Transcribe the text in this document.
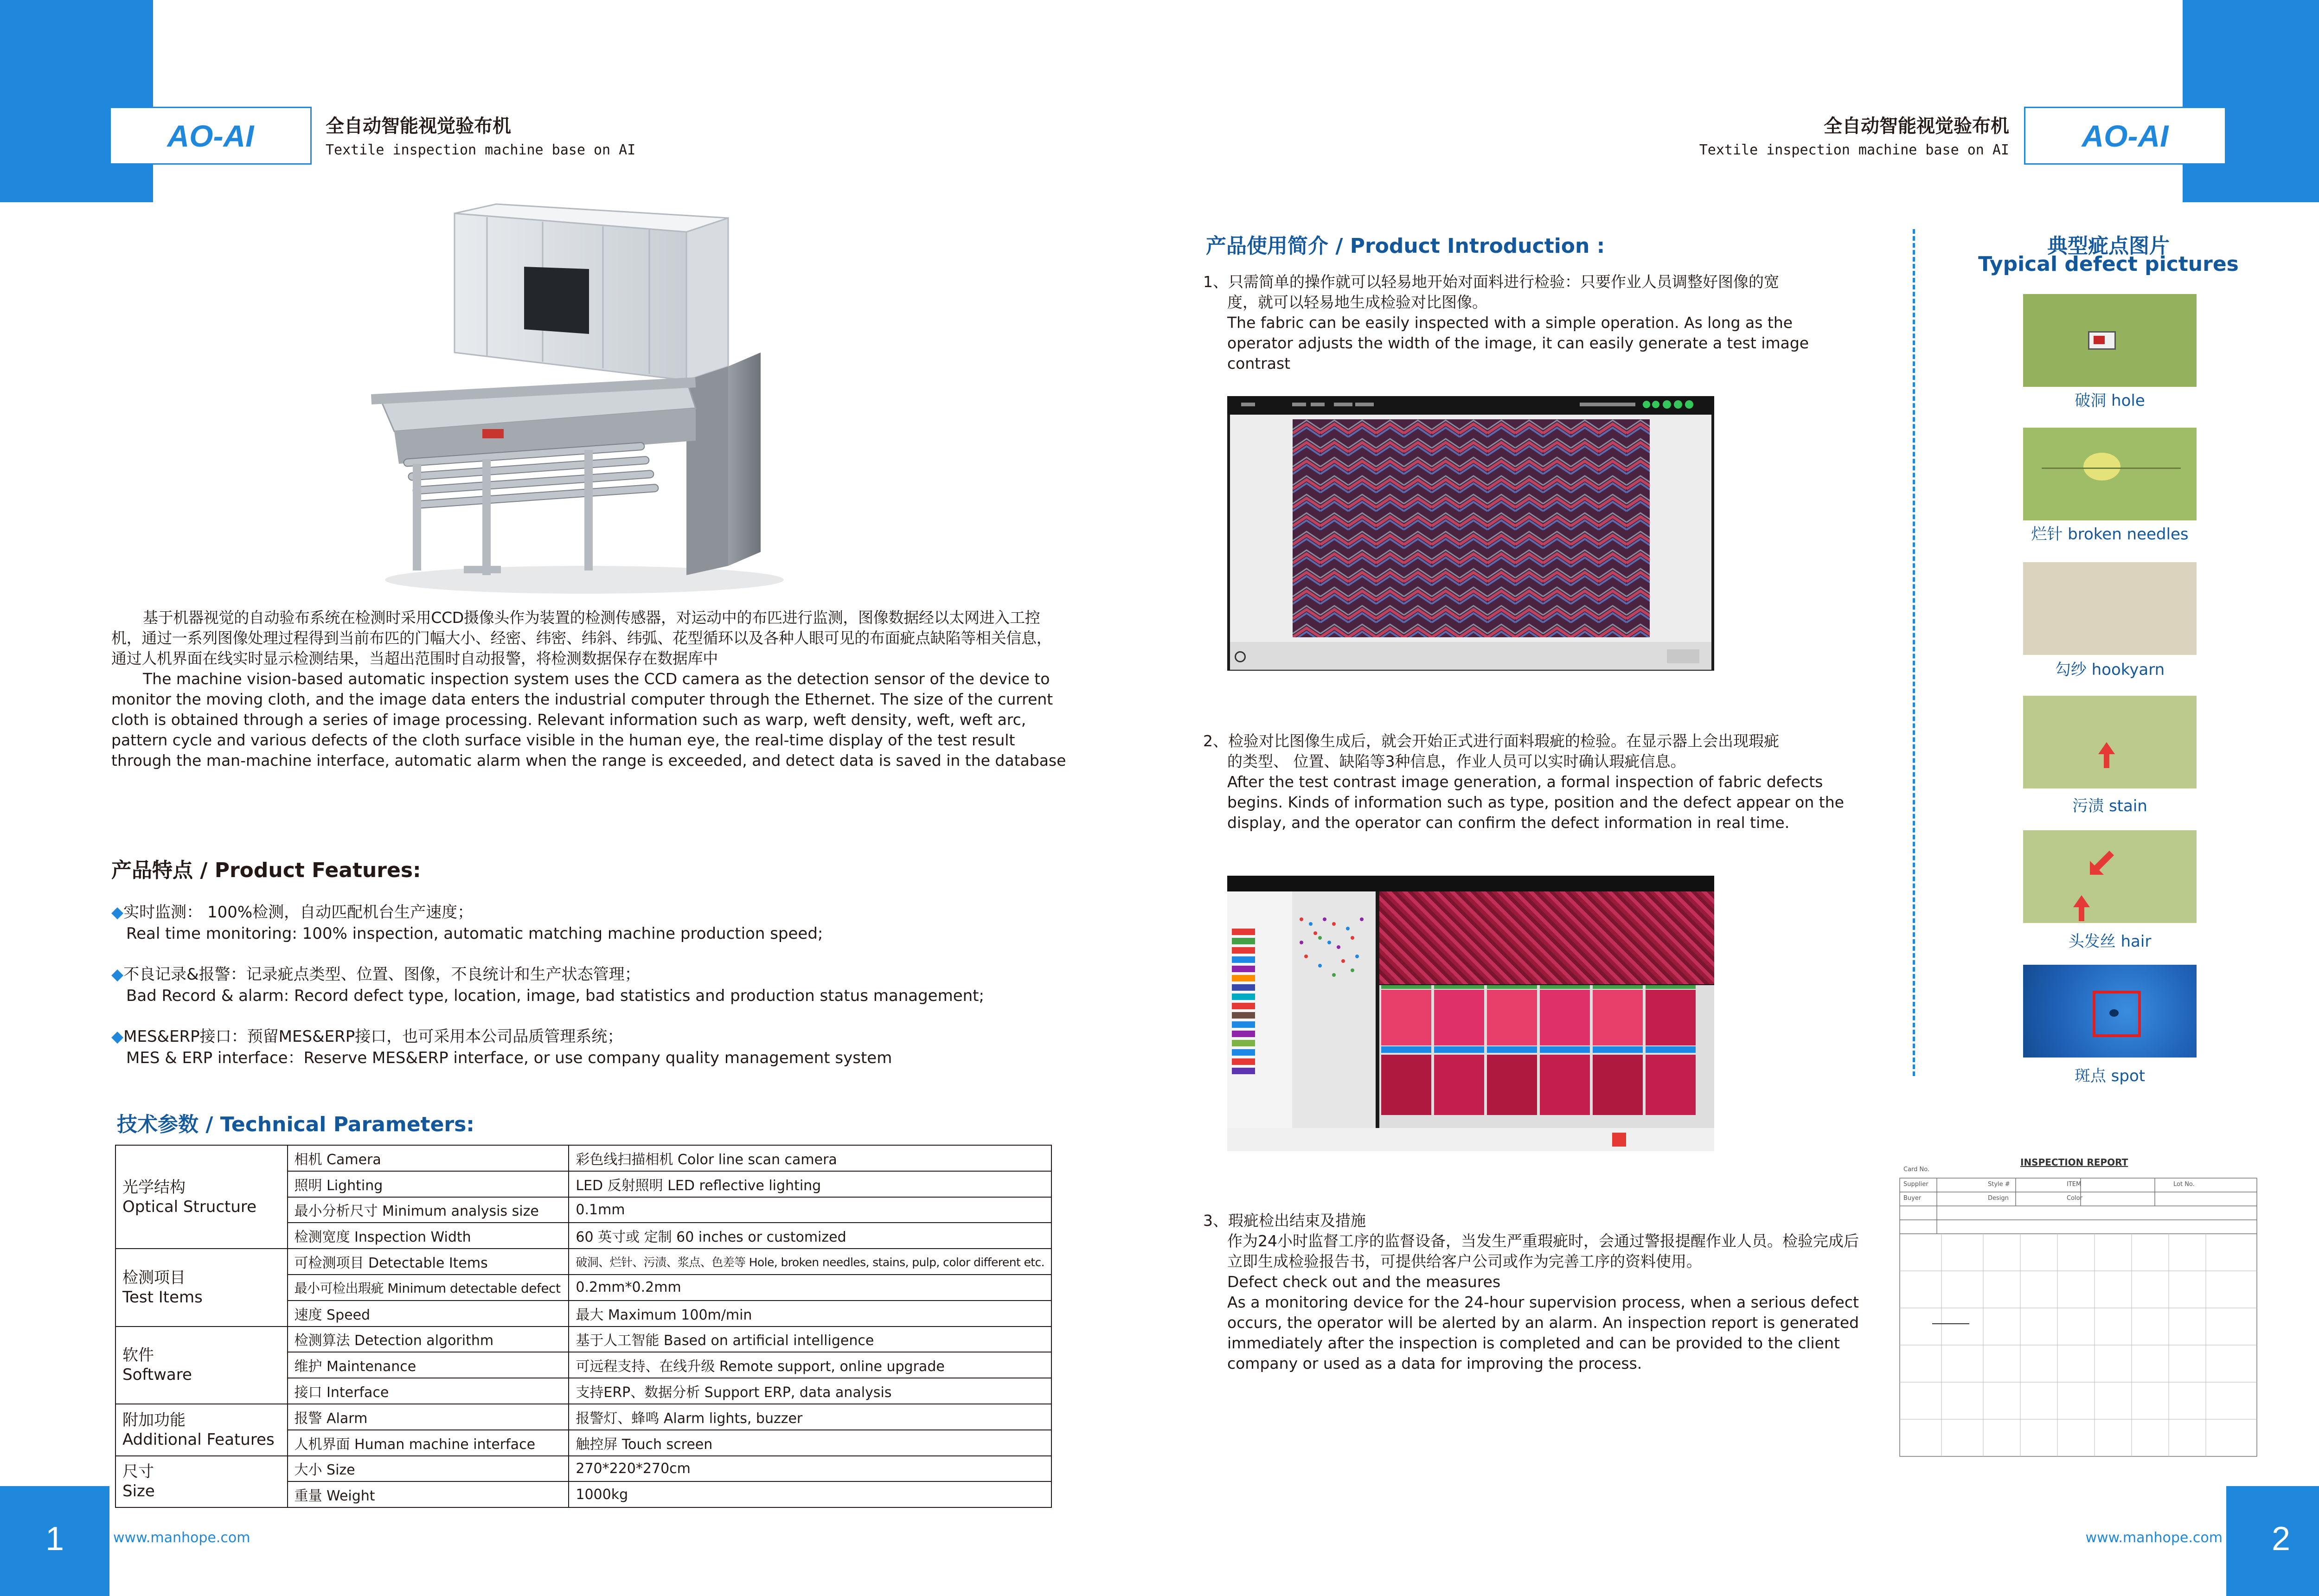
AO-AI	全自动智能视觉验布机
Textile inspection machine base on AI
基于机器视觉的自动验布系统在检测时采用CCD摄像头作为装置的检测传感器，对运动中的布匹进行监测，图像数据经以太网进入工控机，通过一系列图像处理过程得到当前布匹的门幅大小、经密、纬密、纬斜、纬弧、花型循环以及各种人眼可见的布面疵点缺陷等相关信息，通过人机界面在线实时显示检测结果，当超出范围时自动报警，将检测数据保存在数据库中
The machine vision-based automatic inspection system uses the CCD camera as the detection sensor of the device to monitor the moving cloth, and the image data enters the industrial computer through the Ethernet. The size of the current cloth is obtained through a series of image processing. Relevant information such as warp, weft density, weft, weft arc, pattern cycle and various defects of the cloth surface visible in the human eye, the real-time display of the test result through the man-machine interface, automatic alarm when the range is exceeded, and detect data is saved in the database
产品特点 / Product Features:
◆实时监测： 100%检测，自动匹配机台生产速度；
Real time monitoring: 100% inspection, automatic matching machine production speed;
◆不良记录&报警：记录疵点类型、位置、图像，不良统计和生产状态管理；
Bad Record & alarm: Record defect type, location, image, bad statistics and production status management;
◆MES&ERP接口：预留MES&ERP接口，也可采用本公司品质管理系统；
MES & ERP interface：Reserve MES&ERP interface, or use company quality management system
技术参数 / Technical Parameters:
光学结构
Optical Structure	相机 Camera	彩色线扫描相机 Color line scan camera
	照明 Lighting	LED 反射照明 LED reflective lighting
	最小分析尺寸 Minimum analysis size	0.1mm
	检测宽度 Inspection Width	60 英寸或 定制 60 inches or customized

检测项目
Test Items	可检测项目 Detectable Items	破洞、烂针、污渍、浆点、色差等 Hole, broken needles, stains, pulp, color different etc.
	最小可检出瑕疵 Minimum detectable defect	0.2mm*0.2mm
	速度 Speed	最大 Maximum 100m/min

软件
Software	检测算法 Detection algorithm	基于人工智能 Based on artificial intelligence
	维护 Maintenance	可远程支持、在线升级 Remote support, online upgrade
	接口 Interface	支持ERP、数据分析 Support ERP, data analysis

附加功能
Additional Features	报警 Alarm	报警灯、蜂鸣 Alarm lights, buzzer
	人机界面 Human machine interface	触控屏 Touch screen

尺寸
Size	大小 Size	270*220*270cm
	重量 Weight	1000kg
1	www.manhope.com
AO-AI
全自动智能视觉验布机
Textile inspection machine base on AI
产品使用简介 / Product Introduction :
1、只需简单的操作就可以轻易地开始对面料进行检验：只要作业人员调整好图像的宽
度，就可以轻易地生成检验对比图像。
The fabric can be easily inspected with a simple operation. As long as the operator adjusts the width of the image, it can easily generate a test image contrast
2、检验对比图像生成后，就会开始正式进行面料瑕疵的检验。在显示器上会出现瑕疵
的类型、 位置、缺陷等3种信息，作业人员可以实时确认瑕疵信息。
After the test contrast image generation, a formal inspection of fabric defects begins. Kinds of information such as type, position and the defect appear on the display, and the operator can confirm the defect information in real time.
3、瑕疵检出结束及措施
作为24小时监督工序的监督设备，当发生严重瑕疵时，会通过警报提醒作业人员。检验完成后立即生成检验报告书，可提供给客户公司或作为完善工序的资料使用。
Defect check out and the measures
As a monitoring device for the 24-hour supervision process, when a serious defect occurs, the operator will be alerted by an alarm. An inspection report is generated immediately after the inspection is completed and can be provided to the client company or used as a data for improving the process.
典型疵点图片
Typical defect pictures
破洞 hole
烂针 broken needles
勾纱 hookyarn
污渍 stain
头发丝 hair
斑点 spot
INSPECTION REPORT
Card No.
Supplier	Style #	ITEM	Lot No.
Buyer	Design	Color
2
www.manhope.com
